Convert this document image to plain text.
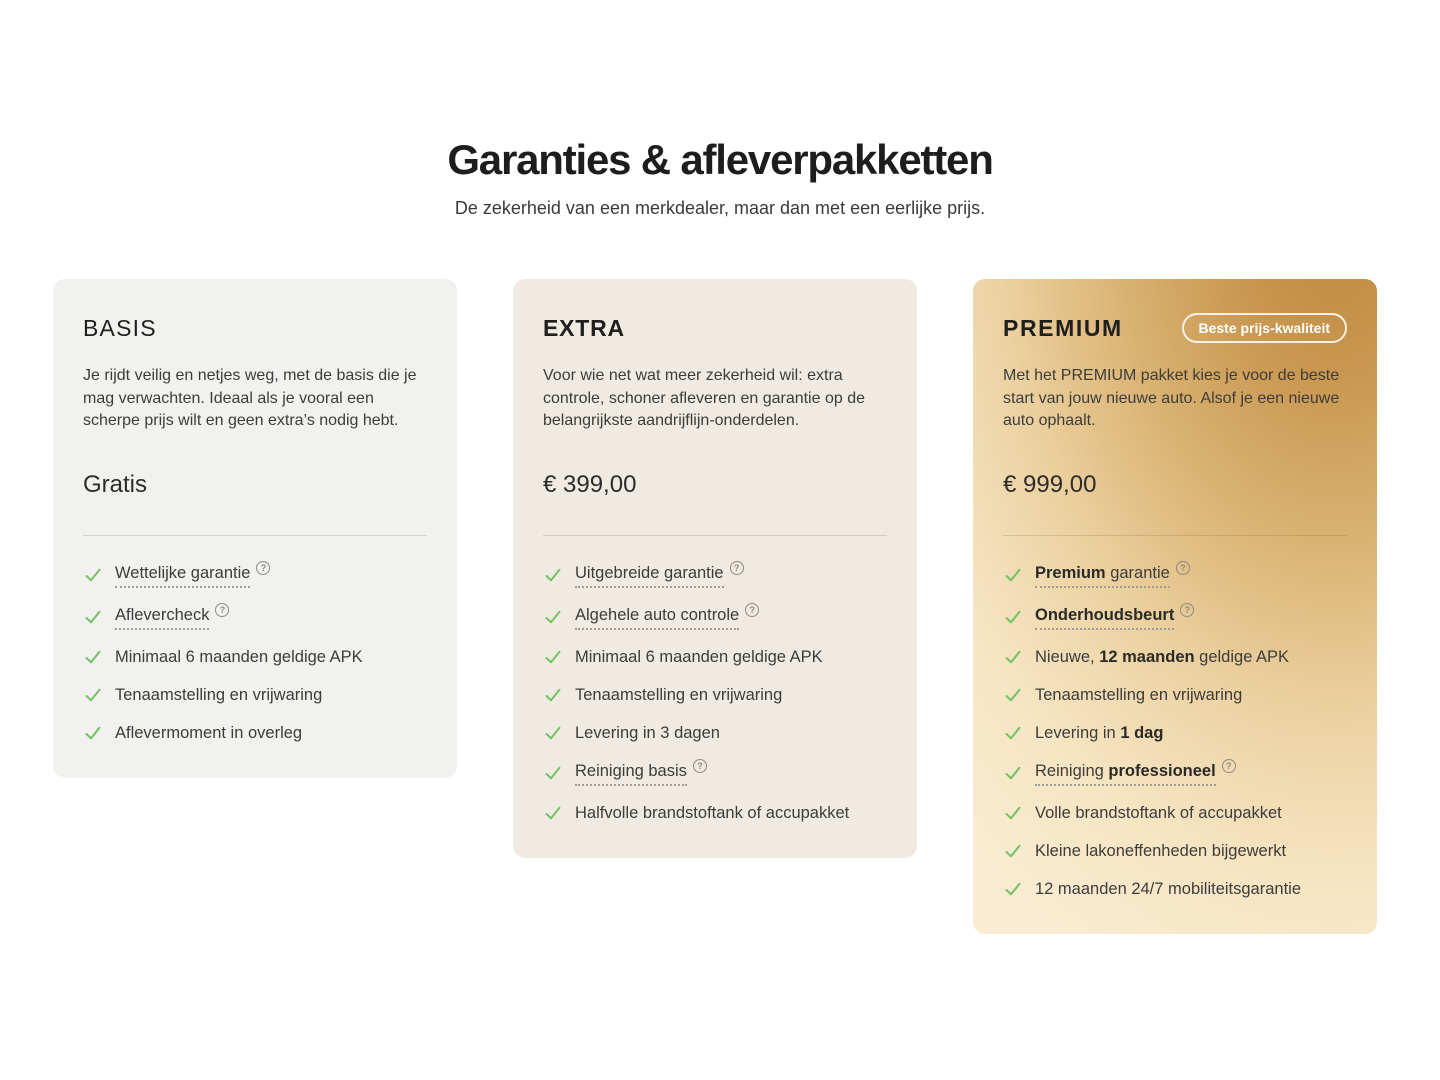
Garanties & afleverpakketten

De zekerheid van een merkdealer, maar dan met een eerlijke prijs.

BASIS

Je rijdt veilig en netjes weg, met de basis die je mag verwachten. Ideaal als je vooral een scherpe prijs wilt en geen extra’s nodig hebt.

Gratis
Wettelijke garantie	?
Aflevercheck	?
Minimaal 6 maanden geldige APK
Tenaamstelling en vrijwaring
Aflevermoment in overleg
EXTRA

Voor wie net wat meer zekerheid wil: extra controle, schoner afleveren en garantie op de belangrijkste aandrijflijn-onderdelen.

€ 399,00
Uitgebreide garantie	?
Algehele auto controle	?
Minimaal 6 maanden geldige APK
Tenaamstelling en vrijwaring
Levering in 3 dagen
Reiniging basis	?
Halfvolle brandstoftank of accupakket
PREMIUM	Beste prijs-kwaliteit

Met het PREMIUM pakket kies je voor de beste start van jouw nieuwe auto. Alsof je een nieuwe auto ophaalt.

€ 999,00
Premium garantie	?
Onderhoudsbeurt	?
Nieuwe, 12 maanden geldige APK
Tenaamstelling en vrijwaring
Levering in 1 dag
Reiniging professioneel	?
Volle brandstoftank of accupakket
Kleine lakoneffenheden bijgewerkt
12 maanden 24/7 mobiliteitsgarantie
